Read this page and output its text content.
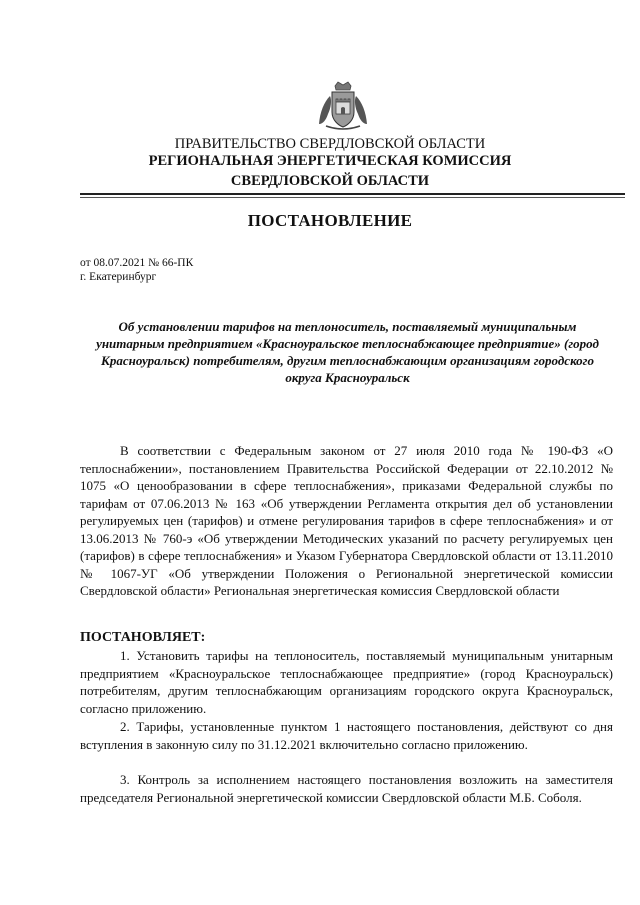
ПРАВИТЕЛЬСТВО СВЕРДЛОВСКОЙ ОБЛАСТИ
РЕГИОНАЛЬНАЯ ЭНЕРГЕТИЧЕСКАЯ КОМИССИЯ
СВЕРДЛОВСКОЙ ОБЛАСТИ
ПОСТАНОВЛЕНИЕ
от 08.07.2021 № 66-ПК
г. Екатеринбург
Об установлении тарифов на теплоноситель, поставляемый муниципальным унитарным предприятием «Красноуральское теплоснабжающее предприятие» (город Красноуральск) потребителям, другим теплоснабжающим организациям городского округа Красноуральск
В соответствии с Федеральным законом от 27 июля 2010 года № 190-ФЗ «О теплоснабжении», постановлением Правительства Российской Федерации от 22.10.2012 № 1075 «О ценообразовании в сфере теплоснабжения», приказами Федеральной службы по тарифам от 07.06.2013 № 163 «Об утверждении Регламента открытия дел об установлении регулируемых цен (тарифов) и отмене регулирования тарифов в сфере теплоснабжения» и от 13.06.2013 № 760-э «Об утверждении Методических указаний по расчету регулируемых цен (тарифов) в сфере теплоснабжения» и Указом Губернатора Свердловской области от 13.11.2010 № 1067-УГ «Об утверждении Положения о Региональной энергетической комиссии Свердловской области» Региональная энергетическая комиссия Свердловской области
ПОСТАНОВЛЯЕТ:
1. Установить тарифы на теплоноситель, поставляемый муниципальным унитарным предприятием «Красноуральское теплоснабжающее предприятие» (город Красноуральск) потребителям, другим теплоснабжающим организациям городского округа Красноуральск, согласно приложению.
2. Тарифы, установленные пунктом 1 настоящего постановления, действуют со дня вступления в законную силу по 31.12.2021 включительно согласно приложению.
3. Контроль за исполнением настоящего постановления возложить на заместителя председателя Региональной энергетической комиссии Свердловской области М.Б. Соболя.
